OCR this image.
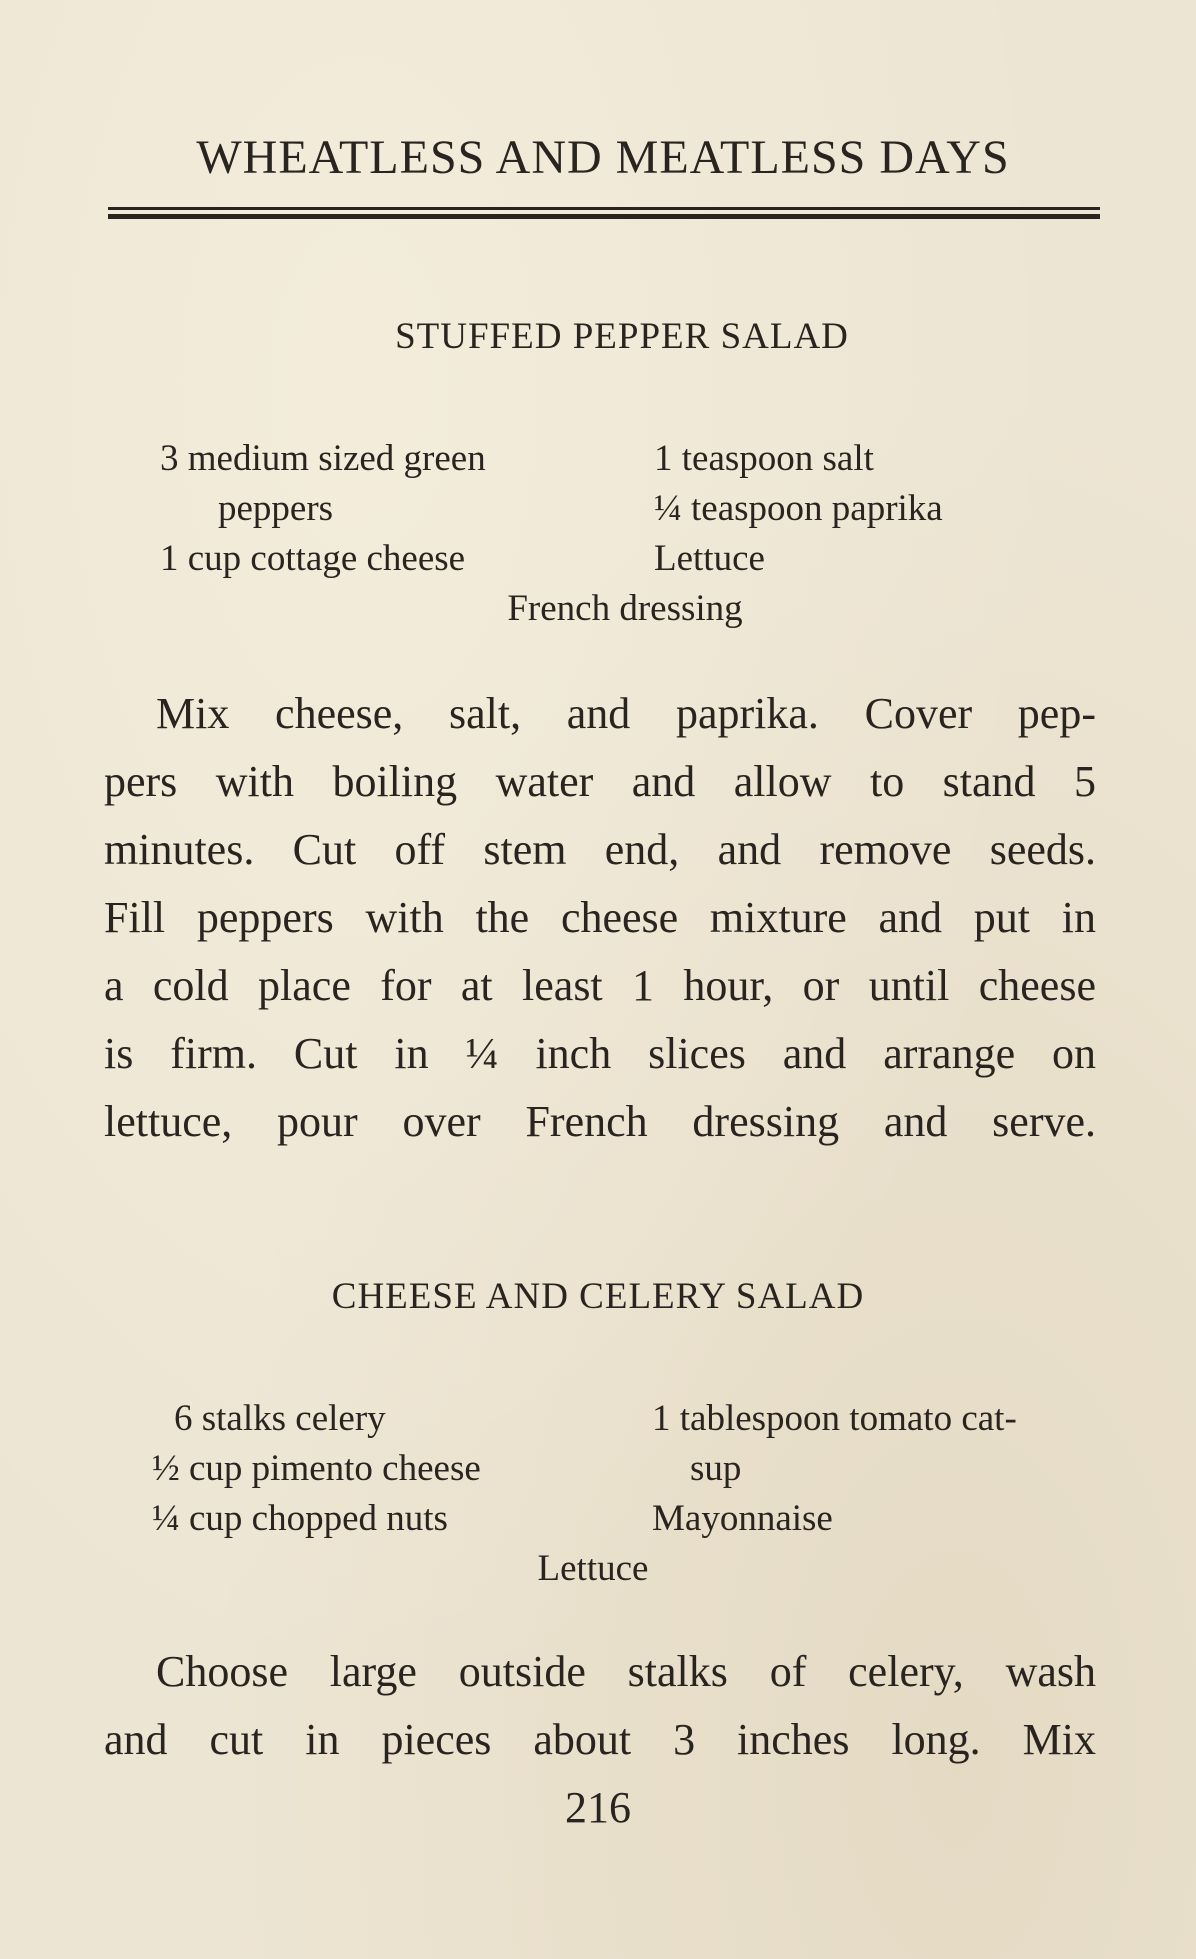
WHEATLESS AND MEATLESS DAYS
STUFFED PEPPER SALAD
3 medium sized green
peppers
1 cup cottage cheese
1 teaspoon salt
¼ teaspoon paprika
Lettuce
French dressing
Mix cheese, salt, and paprika. Cover pep-
pers with boiling water and allow to stand 5
minutes. Cut off stem end, and remove seeds.
Fill peppers with the cheese mixture and put in
a cold place for at least 1 hour, or until cheese
is firm. Cut in ¼ inch slices and arrange on
lettuce, pour over French dressing and serve.
CHEESE AND CELERY SALAD
6 stalks celery
½ cup pimento cheese
¼ cup chopped nuts
1 tablespoon tomato cat-
sup
Mayonnaise
Lettuce
Choose large outside stalks of celery, wash
and cut in pieces about 3 inches long. Mix
216
